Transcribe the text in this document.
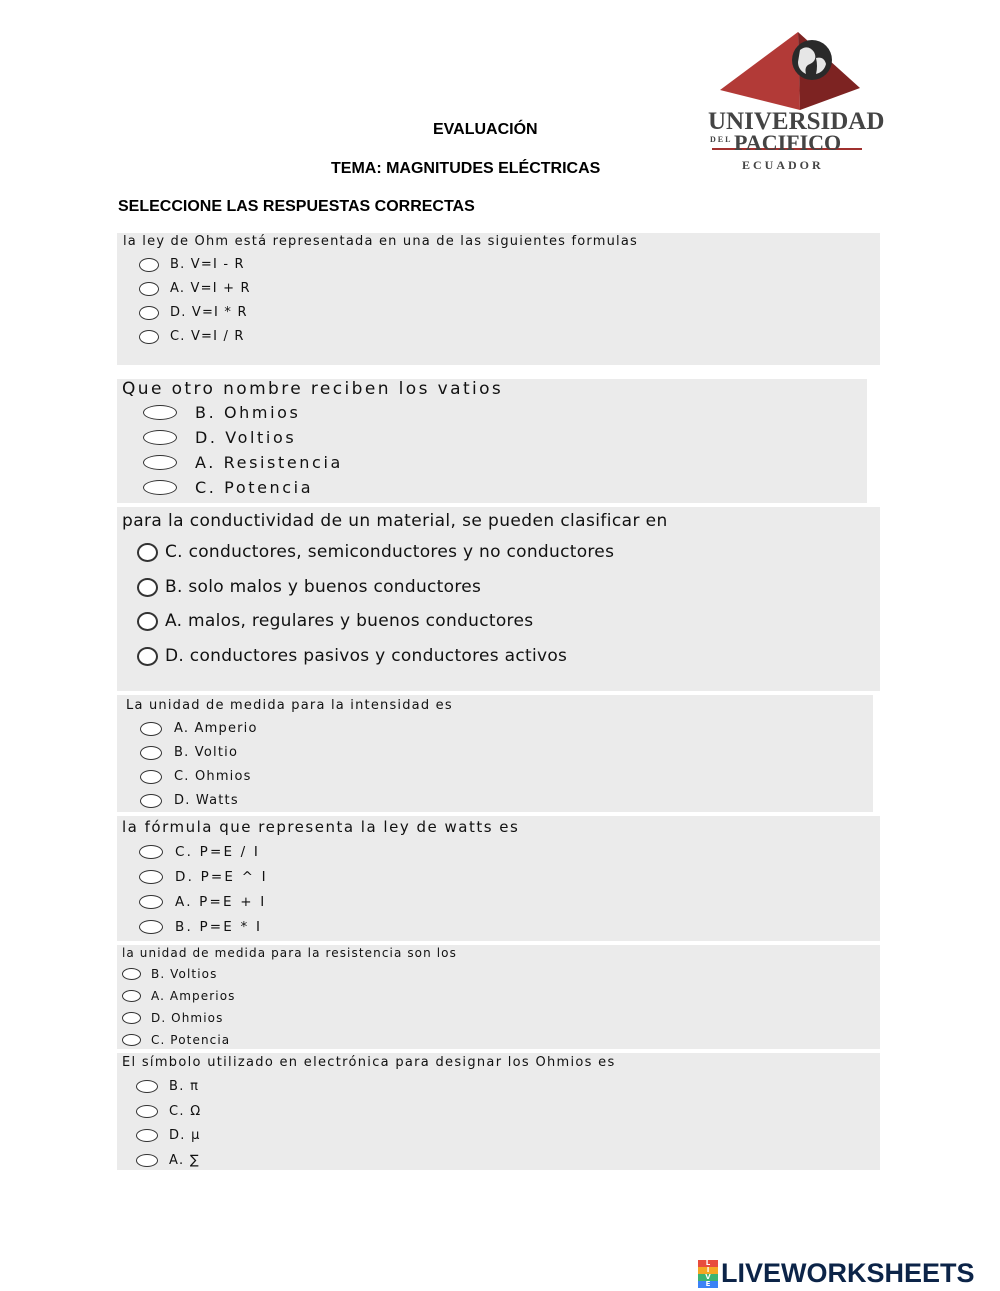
EVALUACIÓN
TEMA: MAGNITUDES ELÉCTRICAS
SELECCIONE LAS RESPUESTAS CORRECTAS
UNIVERSIDAD
DEL PACIFICO
ECUADOR
la ley de Ohm está representada en una de las siguientes formulas
B. V=I - R
A. V=I + R
D. V=I * R
C. V=I / R
Que otro nombre reciben los vatios
B. Ohmios
D. Voltios
A. Resistencia
C. Potencia
para la conductividad de un material, se pueden clasificar en
C. conductores, semiconductores y no conductores
B. solo malos y buenos conductores
A. malos, regulares y buenos conductores
D. conductores pasivos y conductores activos
La unidad de medida para la intensidad es
A. Amperio
B. Voltio
C. Ohmios
D. Watts
la fórmula que representa la ley de watts es
C. P=E / I
D. P=E ^ I
A. P=E + I
B. P=E * I
la unidad de medida para la resistencia son los
B. Voltios
A. Amperios
D. Ohmios
C. Potencia
El símbolo utilizado en electrónica para designar los Ohmios es
B. π
C. Ω
D. μ
A. ∑
L
I
V
E LIVEWORKSHEETS
